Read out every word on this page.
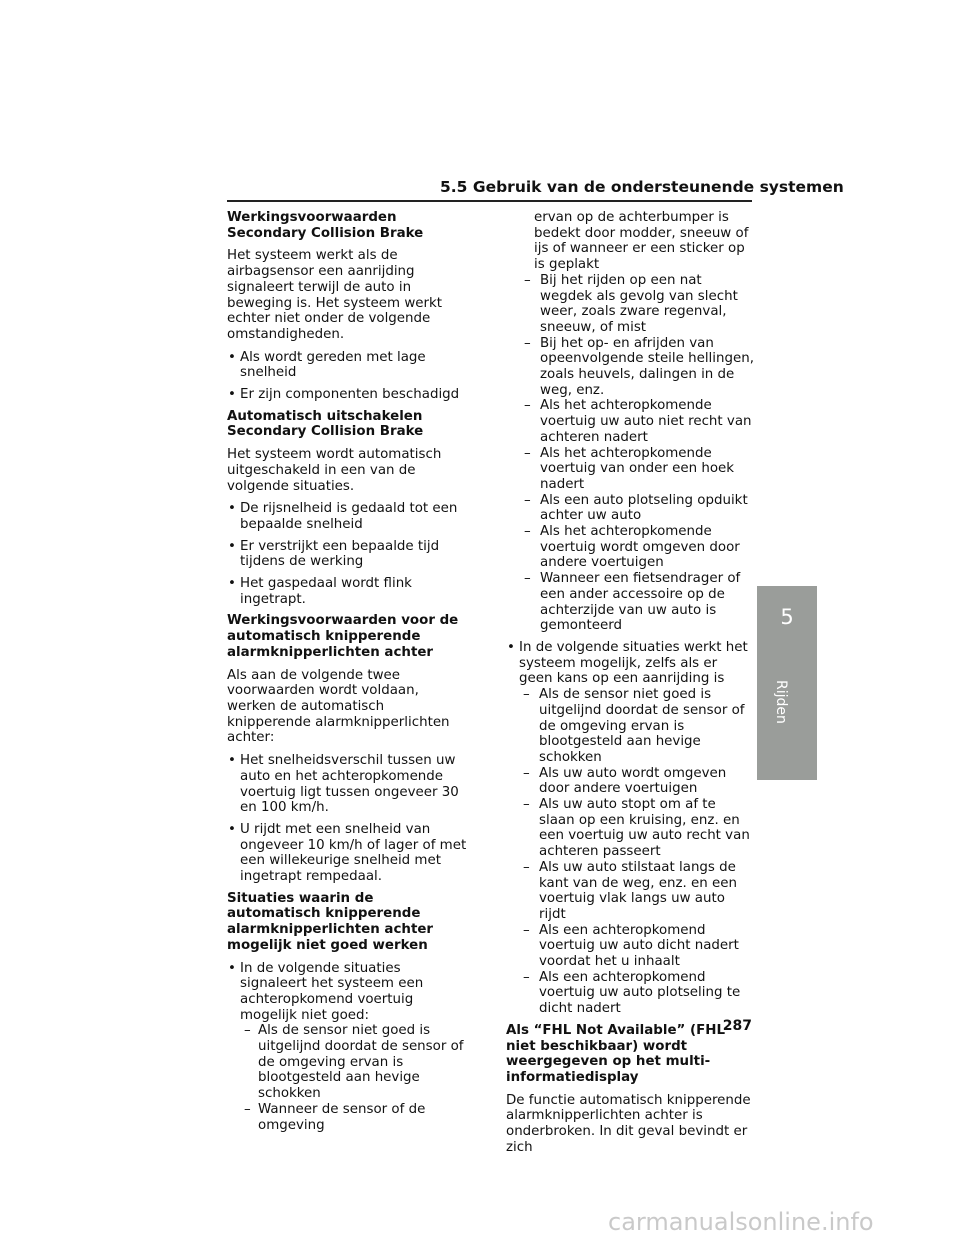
5.5 Gebruik van de ondersteunende systemen
Werkingsvoorwaarden Secondary Collision Brake

Het systeem werkt als de airbagsensor een aanrijding signaleert terwijl de auto in beweging is. Het systeem werkt echter niet onder de volgende omstandigheden.

• Als wordt gereden met lage snelheid
• Er zijn componenten beschadigd
Automatisch uitschakelen Secondary Collision Brake

Het systeem wordt automatisch uitgeschakeld in een van de volgende situaties.

• De rijsnelheid is gedaald tot een bepaalde snelheid
• Er verstrijkt een bepaalde tijd tijdens de werking
• Het gaspedaal wordt flink ingetrapt.
Werkingsvoorwaarden voor de automatisch knipperende alarmknipperlichten achter

Als aan de volgende twee voorwaarden wordt voldaan, werken de automatisch knipperende alarmknipperlichten achter:

• Het snelheidsverschil tussen uw auto en het achteropkomende voertuig ligt tussen ongeveer 30 en 100 km/h.
• U rijdt met een snelheid van ongeveer 10 km/h of lager of met een willekeurige snelheid met ingetrapt rempedaal.
Situaties waarin de automatisch knipperende alarmknipperlichten achter mogelijk niet goed werken
• In de volgende situaties signaleert het systeem een achteropkomend voertuig mogelijk niet goed:
– Als de sensor niet goed is uitgelijnd doordat de sensor of de omgeving ervan is blootgesteld aan hevige schokken
– Wanneer de sensor of de omgeving
ervan op de achterbumper is bedekt door modder, sneeuw of ijs of wanneer er een sticker op is geplakt
– Bij het rijden op een nat wegdek als gevolg van slecht weer, zoals zware regenval, sneeuw, of mist
– Bij het op- en afrijden van opeenvolgende steile hellingen, zoals heuvels, dalingen in de weg, enz.
– Als het achteropkomende voertuig uw auto niet recht van achteren nadert
– Als het achteropkomende voertuig van onder een hoek nadert
– Als een auto plotseling opduikt achter uw auto
– Als het achteropkomende voertuig wordt omgeven door andere voertuigen
– Wanneer een fietsendrager of een ander accessoire op de achterzijde van uw auto is gemonteerd
• In de volgende situaties werkt het systeem mogelijk, zelfs als er geen kans op een aanrijding is
– Als de sensor niet goed is uitgelijnd doordat de sensor of de omgeving ervan is blootgesteld aan hevige schokken
– Als uw auto wordt omgeven door andere voertuigen
– Als uw auto stopt om af te slaan op een kruising, enz. en een voertuig uw auto recht van achteren passeert
– Als uw auto stilstaat langs de kant van de weg, enz. en een voertuig vlak langs uw auto rijdt
– Als een achteropkomend voertuig uw auto dicht nadert voordat het u inhaalt
– Als een achteropkomend voertuig uw auto plotseling te dicht nadert
Als “FHL Not Available” (FHL niet beschikbaar) wordt weergegeven op het multi-informatiedisplay

De functie automatisch knipperende alarmknipperlichten achter is onderbroken. In dit geval bevindt er zich

5
Rijden
287
carmanualsonline.info
